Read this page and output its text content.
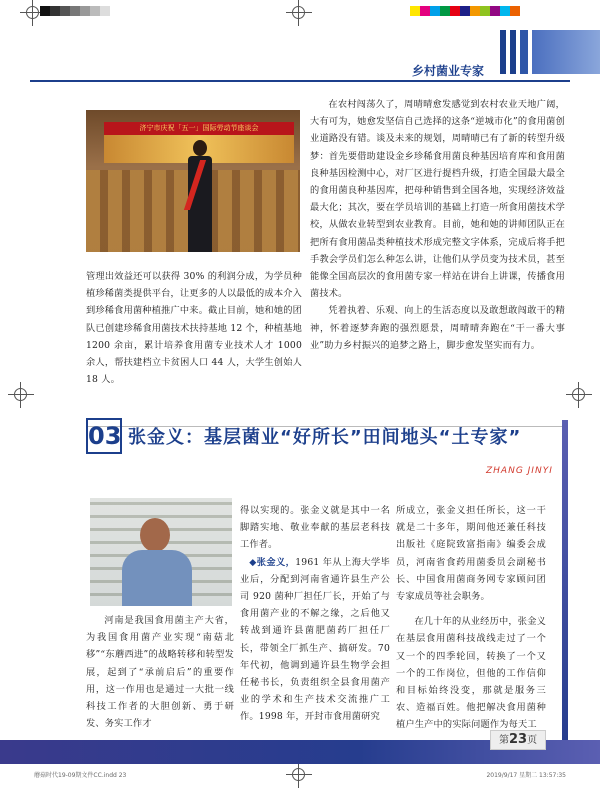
乡村菌业专家
济宁市庆祝「五一」国际劳动节座谈会

管理出效益还可以获得 30% 的利润分成，为学员种植珍稀菌类提供平台，让更多的人以最低的成本介入到珍稀食用菌种植推广中来。截止目前，她和她的团队已创建珍稀食用菌技术扶持基地 12 个，种植基地 1200 余亩，累计培养食用菌专业技术人才 1000 余人，帮扶建档立卡贫困人口 44 人，大学生创始人 18 人。

在农村闯荡久了，周晴晴愈发感觉到农村农业天地广阔，大有可为，她愈发坚信自己选择的这条“逆城市化”的食用菌创业道路没有错。谈及未来的规划，周晴晴已有了新的转型升级梦：首先要借助建设金乡珍稀食用菌良种基因培育库和食用菌良种基因检测中心，对厂区进行提档升级，打造全国最大最全的食用菌良种基因库，把母种销售到全国各地，实现经济效益最大化；其次，要在学员培训的基础上打造一所食用菌技术学校，从做农业转型到农业教育。目前，她和她的讲师团队正在把所有食用菌品类种植技术形成完整文字体系，完成后将手把手教会学员们怎么种怎么讲，让他们从学员变为技术员，甚至能像全国高层次的食用菌专家一样站在讲台上讲课，传播食用菌技术。

凭着执着、乐观、向上的生活态度以及敢想敢闯敢干的精神，怀着逐梦奔跑的强烈愿景，周晴晴奔跑在“干一番大事业”助力乡村振兴的追梦之路上，脚步愈发坚实而有力。

03 张金义：基层菌业“好所长”田间地头“土专家”
ZHANG JINYI

河南是我国食用菌主产大省，为我国食用菌产业实现“南菇北移”“东蘑西进”的战略转移和转型发展，起到了“承前启后”的重要作用，这一作用也是通过一大批一线科技工作者的大胆创新、勇于研发、务实工作才

得以实现的。张金义就是其中一名脚踏实地、敬业奉献的基层老科技工作者。

◆张金义，1961 年从上海大学毕业后，分配到河南省通许县生产公司 920 菌种厂担任厂长，开始了与食用菌产业的不解之缘，之后他又转战到通许县菌肥菌药厂担任厂长，带领全厂抓生产、搞研发。70 年代初，他调到通许县生物学会担任秘书长，负责组织全县食用菌产业的学术和生产技术交流推广工作。1998 年，开封市食用菌研究

所成立，张金义担任所长，这一干就是二十多年，期间他还兼任科技出版社《庭院致富指南》编委会成员，河南省食药用菌委员会副秘书长、中国食用菌商务网专家顾问团专家成员等社会职务。

在几十年的从业经历中，张金义在基层食用菌科技战线走过了一个又一个的四季轮回，转换了一个又一个的工作岗位，但他的工作信仰和目标始终没变，那就是服务三农、造福百姓。他把解决食用菌种植户生产中的实际问题作为每天工

第23页
蘑菇时代19-09期文件CC.indd 23	2019/9/17 星期二 13:57:35
